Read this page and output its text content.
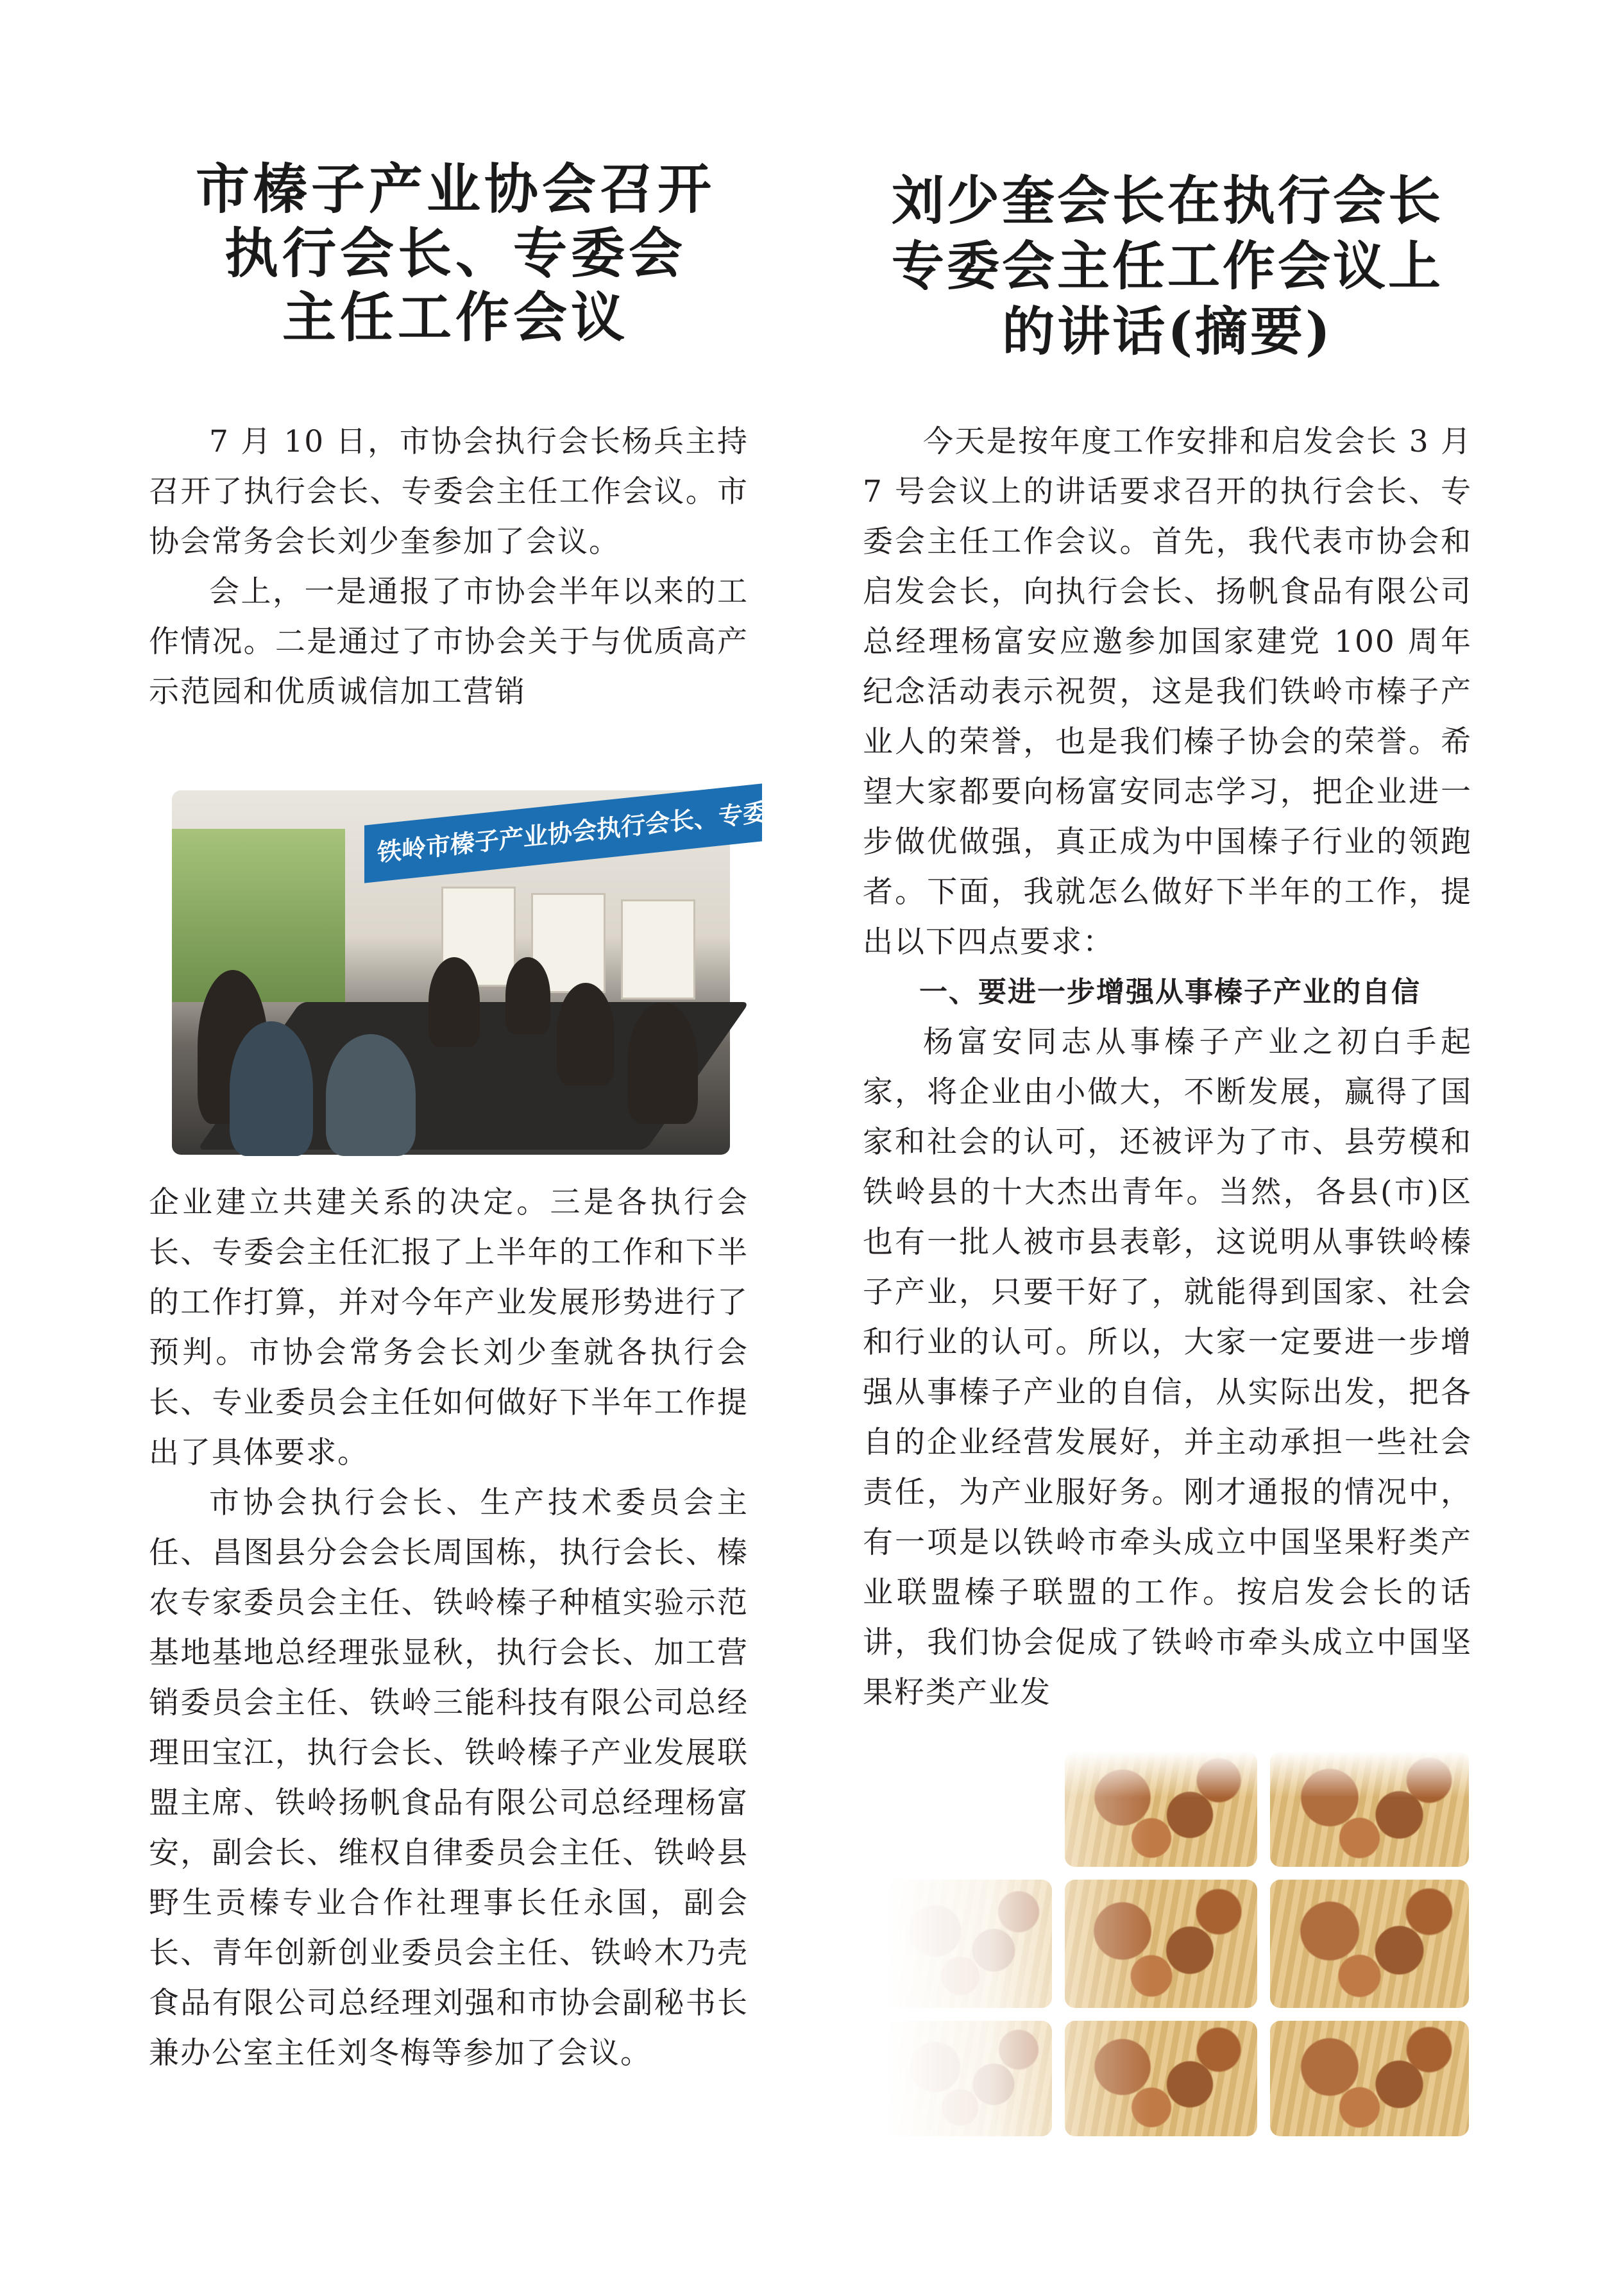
市榛子产业协会召开
执行会长、专委会
主任工作会议

7 月 10 日，市协会执行会长杨兵主持召开了执行会长、专委会主任工作会议。市协会常务会长刘少奎参加了会议。

会上，一是通报了市协会半年以来的工作情况。二是通过了市协会关于与优质高产示范园和优质诚信加工营销

铁岭市榛子产业协会执行会长、专委会主任工作会议

企业建立共建关系的决定。三是各执行会长、专委会主任汇报了上半年的工作和下半的工作打算，并对今年产业发展形势进行了预判。市协会常务会长刘少奎就各执行会长、专业委员会主任如何做好下半年工作提出了具体要求。

市协会执行会长、生产技术委员会主任、昌图县分会会长周国栋，执行会长、榛农专家委员会主任、铁岭榛子种植实验示范基地基地总经理张显秋，执行会长、加工营销委员会主任、铁岭三能科技有限公司总经理田宝江，执行会长、铁岭榛子产业发展联盟主席、铁岭扬帆食品有限公司总经理杨富安，副会长、维权自律委员会主任、铁岭县野生贡榛专业合作社理事长任永国，副会长、青年创新创业委员会主任、铁岭木乃壳食品有限公司总经理刘强和市协会副秘书长兼办公室主任刘冬梅等参加了会议。

刘少奎会长在执行会长
专委会主任工作会议上
的讲话(摘要)

今天是按年度工作安排和启发会长 3 月 7 号会议上的讲话要求召开的执行会长、专委会主任工作会议。首先，我代表市协会和启发会长，向执行会长、扬帆食品有限公司总经理杨富安应邀参加国家建党 100 周年纪念活动表示祝贺，这是我们铁岭市榛子产业人的荣誉，也是我们榛子协会的荣誉。希望大家都要向杨富安同志学习，把企业进一步做优做强，真正成为中国榛子行业的领跑者。下面，我就怎么做好下半年的工作，提出以下四点要求：

一、要进一步增强从事榛子产业的自信

杨富安同志从事榛子产业之初白手起家，将企业由小做大，不断发展，赢得了国家和社会的认可，还被评为了市、县劳模和铁岭县的十大杰出青年。当然，各县(市)区也有一批人被市县表彰，这说明从事铁岭榛子产业，只要干好了，就能得到国家、社会和行业的认可。所以，大家一定要进一步增强从事榛子产业的自信，从实际出发，把各自的企业经营发展好，并主动承担一些社会责任，为产业服好务。刚才通报的情况中，有一项是以铁岭市牵头成立中国坚果籽类产业联盟榛子联盟的工作。按启发会长的话讲，我们协会促成了铁岭市牵头成立中国坚果籽类产业发
